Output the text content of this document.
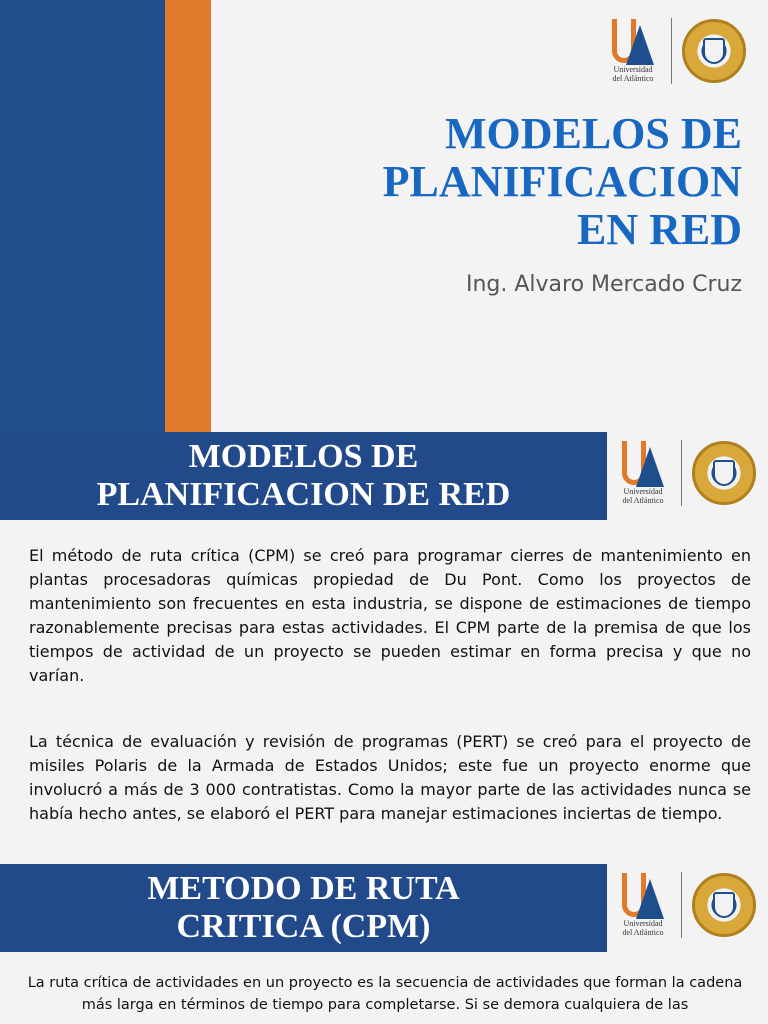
Universidad
del Atlántico
MODELOS DE
PLANIFICACION
EN RED
Ing. Alvaro Mercado Cruz
MODELOS DE
PLANIFICACION DE RED	Universidad
del Atlántico

El método de ruta crítica (CPM) se creó para programar cierres de mantenimiento en plantas procesadoras químicas propiedad de Du Pont. Como los proyectos de mantenimiento son frecuentes en esta industria, se dispone de estimaciones de tiempo razonablemente precisas para estas actividades. El CPM parte de la premisa de que los tiempos de actividad de un proyecto se pueden estimar en forma precisa y que no varían.

La técnica de evaluación y revisión de programas (PERT) se creó para el proyecto de misiles Polaris de la Armada de Estados Unidos; este fue un proyecto enorme que involucró a más de 3 000 contratistas. Como la mayor parte de las actividades nunca se había hecho antes, se elaboró el PERT para manejar estimaciones inciertas de tiempo.

METODO DE RUTA
CRITICA (CPM)	Universidad
del Atlántico

La ruta crítica de actividades en un proyecto es la secuencia de actividades que forman la cadena más larga en términos de tiempo para completarse. Si se demora cualquiera de las
